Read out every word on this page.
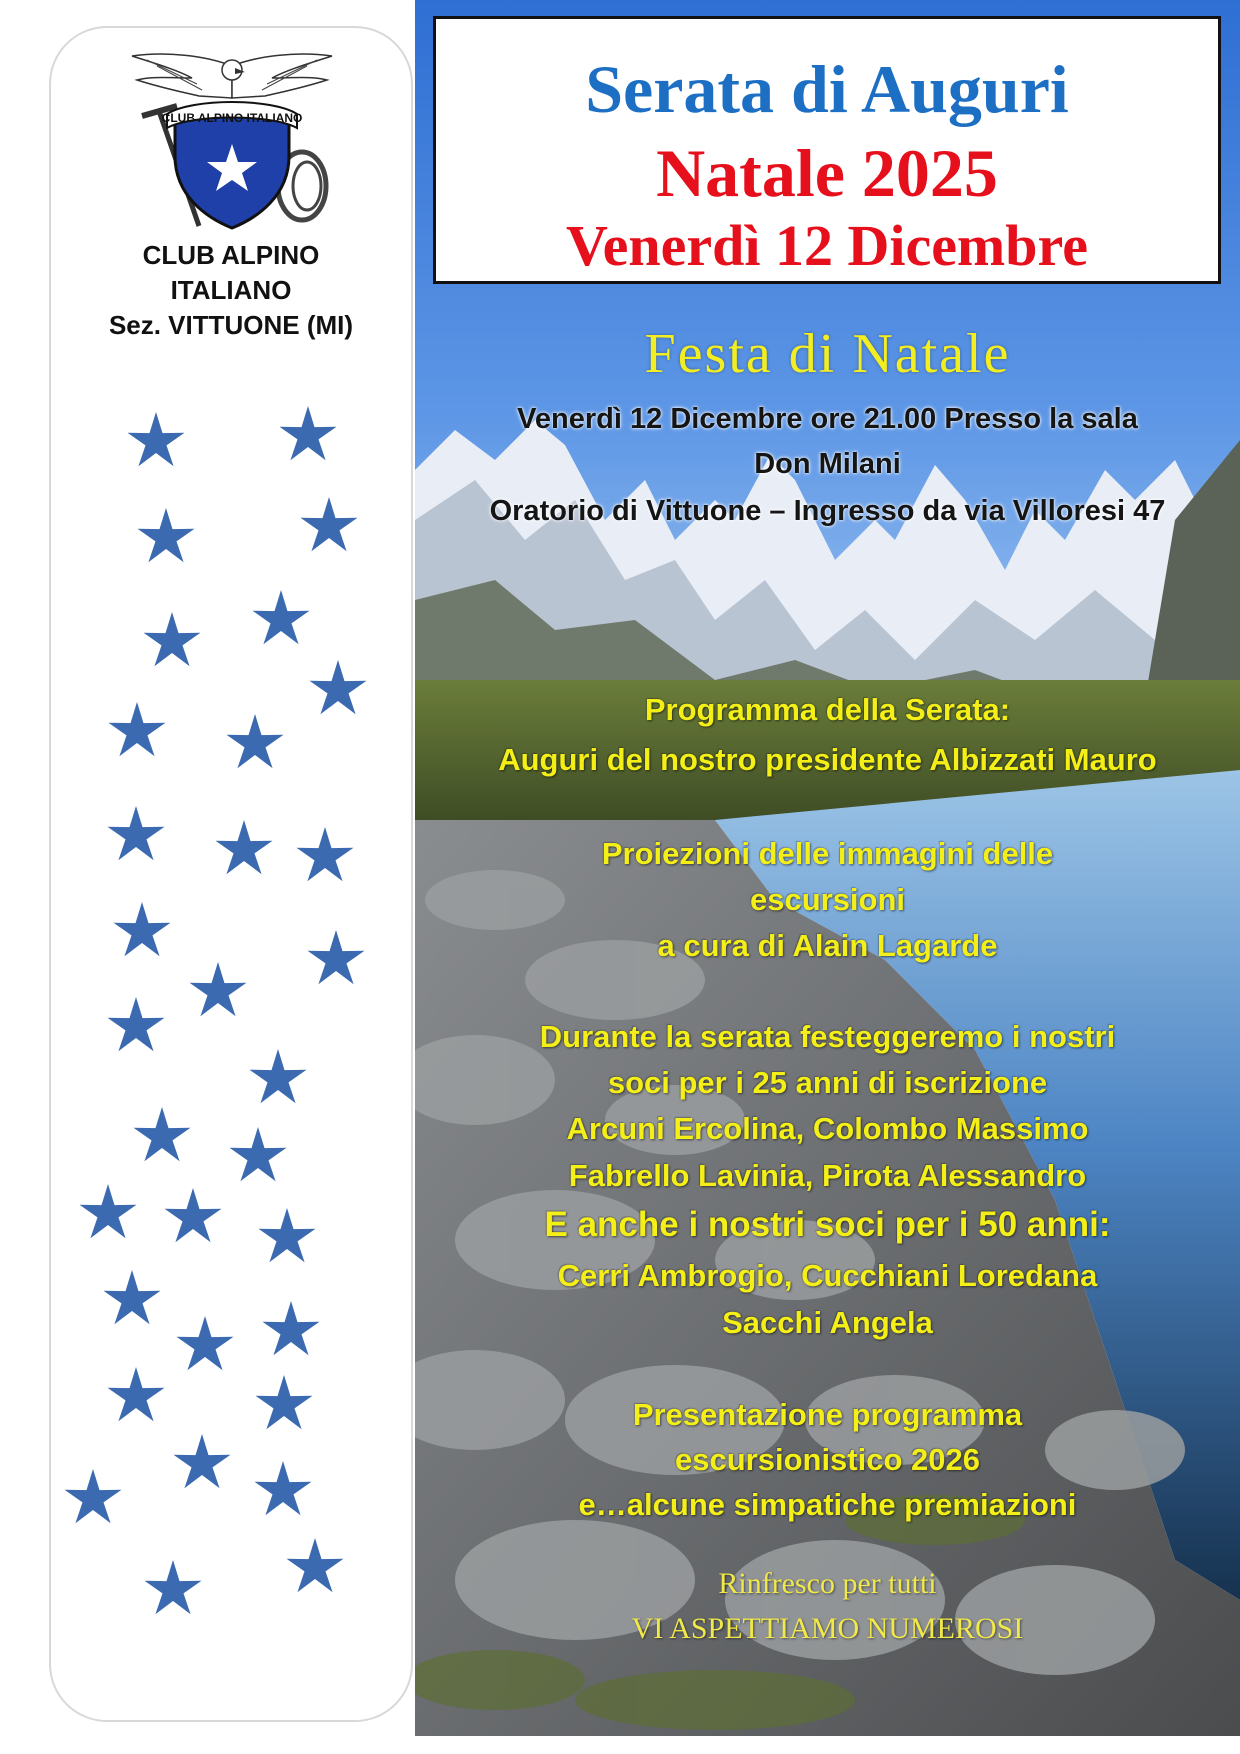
CLUB ALPINO ITALIANO
CLUB ALPINO
ITALIANO
Sez. VITTUONE (MI)
Serata di Auguri
Natale 2025
Venerdì 12 Dicembre
Festa di Natale
Venerdì 12 Dicembre ore 21.00 Presso la sala
Don Milani
Oratorio di Vittuone – Ingresso da via Villoresi 47
Programma della Serata:
Auguri del nostro presidente Albizzati Mauro
Proiezioni delle immagini delle
escursioni
a cura di Alain Lagarde
Durante la serata festeggeremo i nostri
soci per i 25 anni di iscrizione
Arcuni Ercolina, Colombo Massimo
Fabrello Lavinia, Pirota Alessandro
E anche i nostri soci per i 50 anni:
Cerri Ambrogio, Cucchiani Loredana
Sacchi Angela
Presentazione programma
escursionistico 2026
e…alcune simpatiche premiazioni
Rinfresco per tutti
VI ASPETTIAMO NUMEROSI
